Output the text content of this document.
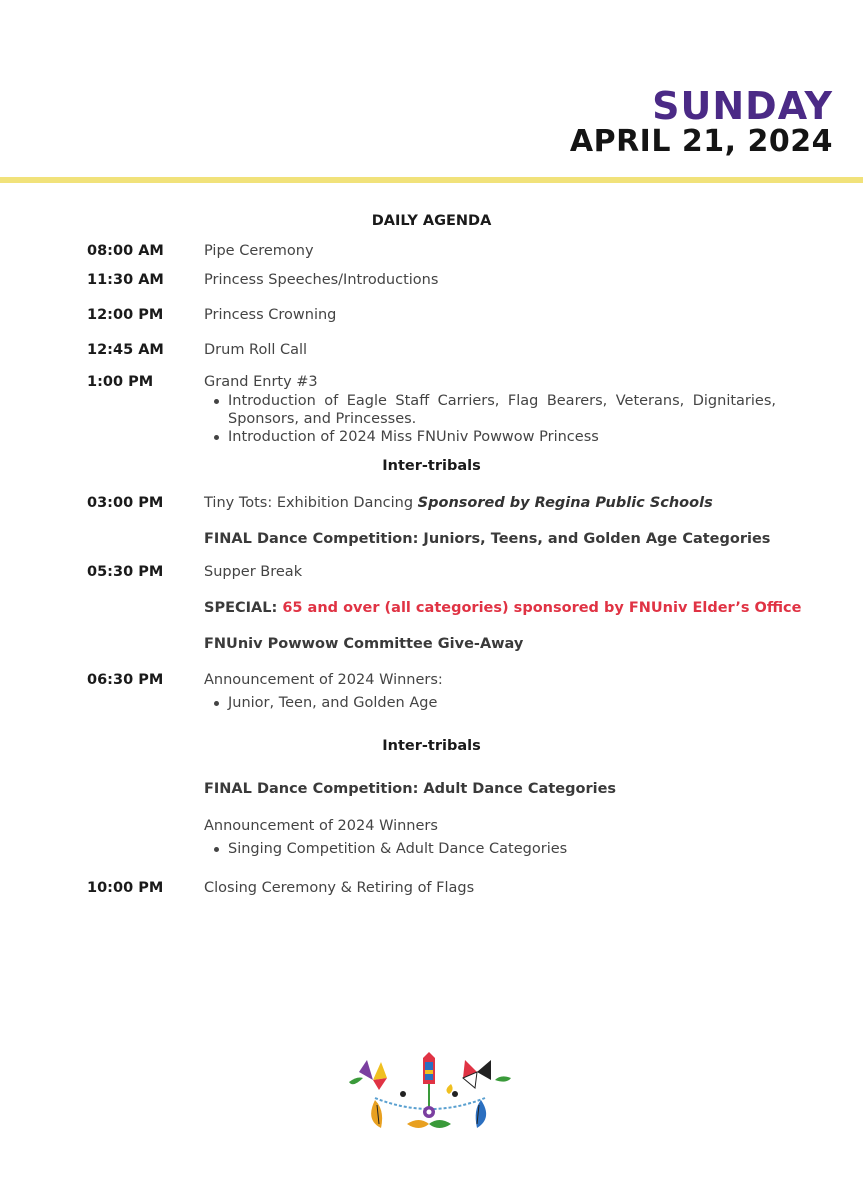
SUNDAY
APRIL 21, 2024
DAILY AGENDA
08:00 AM	Pipe Ceremony
11:30 AM	Princess Speeches/Introductions
12:00 PM	Princess Crowning
12:45 AM	Drum Roll Call
1:00 PM	Grand Enrty #3
Introduction of Eagle Staff Carriers, Flag Bearers, Veterans, Dignitaries, Sponsors, and Princesses.
Introduction of 2024 Miss FNUniv Powwow Princess
Inter-tribals
03:00 PM	Tiny Tots: Exhibition Dancing Sponsored by Regina Public Schools
FINAL Dance Competition: Juniors, Teens, and Golden Age Categories
05:30 PM	Supper Break
SPECIAL: 65 and over (all categories) sponsored by FNUniv Elder’s Office
FNUniv Powwow Committee Give-Away
06:30 PM	Announcement of 2024 Winners:
Junior, Teen, and Golden Age
Inter-tribals
FINAL Dance Competition: Adult Dance Categories
Announcement of 2024 Winners
Singing Competition & Adult Dance Categories
10:00 PM	Closing Ceremony & Retiring of Flags
